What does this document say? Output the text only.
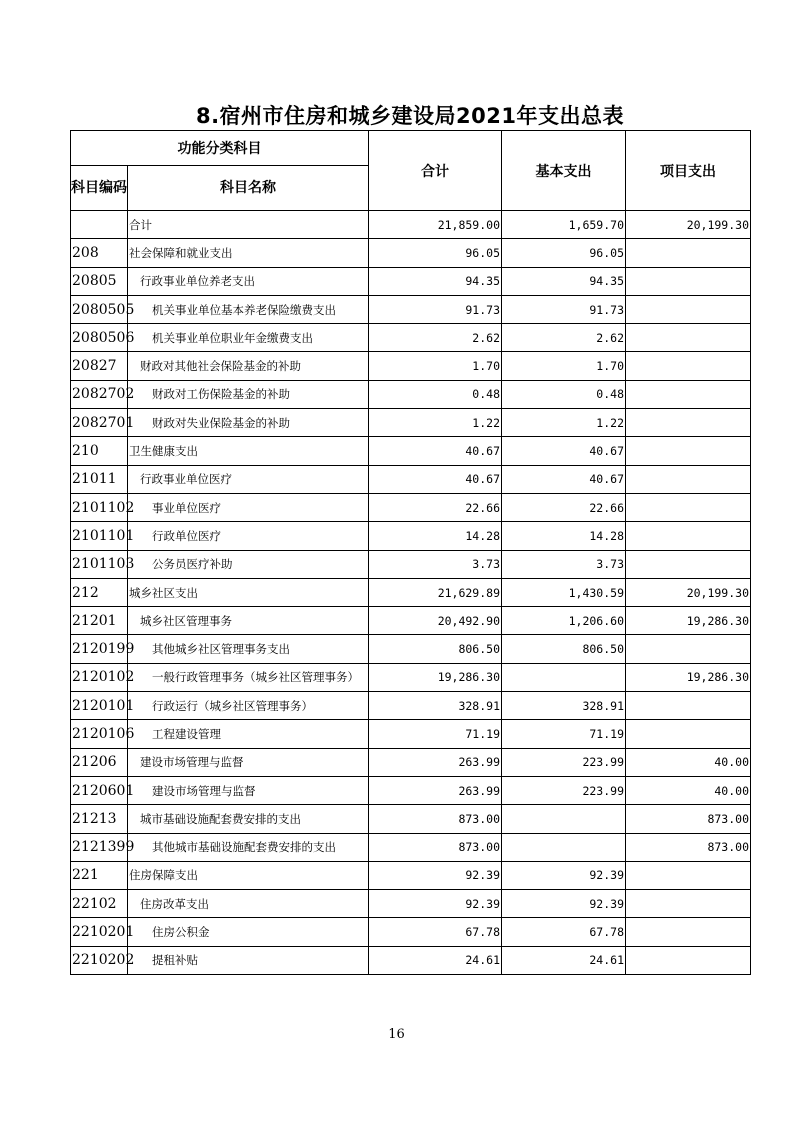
8.宿州市住房和城乡建设局2021年支出总表
功能分类科目		合计	基本支出	项目支出
科目编码	科目名称			
	合计	21,859.00	1,659.70	20,199.30
208	社会保障和就业支出	96.05	96.05	
20805	行政事业单位养老支出	94.35	94.35	
2080505	机关事业单位基本养老保险缴费支出	91.73	91.73	
2080506	机关事业单位职业年金缴费支出	2.62	2.62	
20827	财政对其他社会保险基金的补助	1.70	1.70	
2082702	财政对工伤保险基金的补助	0.48	0.48	
2082701	财政对失业保险基金的补助	1.22	1.22	
210	卫生健康支出	40.67	40.67	
21011	行政事业单位医疗	40.67	40.67	
2101102	事业单位医疗	22.66	22.66	
2101101	行政单位医疗	14.28	14.28	
2101103	公务员医疗补助	3.73	3.73	
212	城乡社区支出	21,629.89	1,430.59	20,199.30
21201	城乡社区管理事务	20,492.90	1,206.60	19,286.30
2120199	其他城乡社区管理事务支出	806.50	806.50	
2120102	一般行政管理事务（城乡社区管理事务）	19,286.30		19,286.30
2120101	行政运行（城乡社区管理事务）	328.91	328.91	
2120106	工程建设管理	71.19	71.19	
21206	建设市场管理与监督	263.99	223.99	40.00
2120601	建设市场管理与监督	263.99	223.99	40.00
21213	城市基础设施配套费安排的支出	873.00		873.00
2121399	其他城市基础设施配套费安排的支出	873.00		873.00
221	住房保障支出	92.39	92.39	
22102	住房改革支出	92.39	92.39	
2210201	住房公积金	67.78	67.78	
2210202	提租补贴	24.61	24.61	
16
